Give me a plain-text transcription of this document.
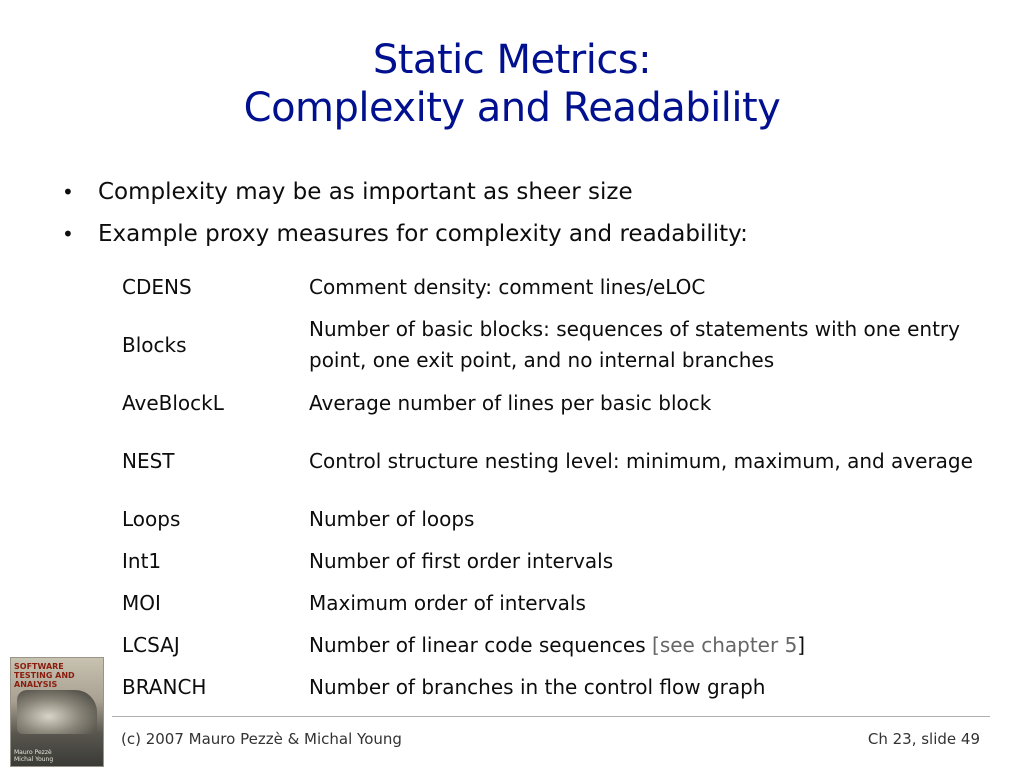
Static Metrics:
Complexity and Readability
•	Complexity may be as important as sheer size
•	Example proxy measures for complexity and readability:
CDENS	Comment density: comment lines/eLOC
Blocks	Number of basic blocks: sequences of statements with one entry point, one exit point, and no internal branches
AveBlockL	Average number of lines per basic block
NEST	Control structure nesting level: minimum, maximum, and average
Loops	Number of loops
Int1	Number of first order intervals
MOI	Maximum order of intervals
LCSAJ	Number of linear code sequences [see chapter 5]
BRANCH	Number of branches in the control flow graph
SOFTWARE TESTING AND ANALYSIS
Mauro Pezzè
Michal Young
(c) 2007 Mauro Pezzè & Michal Young	Ch 23, slide 49
